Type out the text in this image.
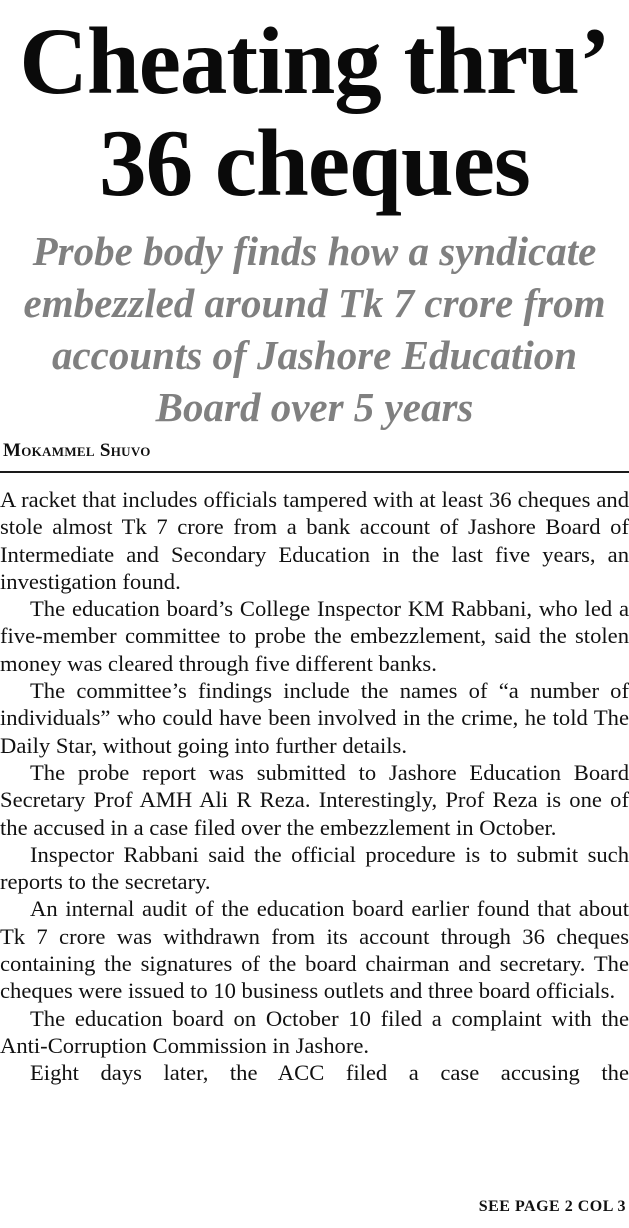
Cheating thru’
36 cheques
Probe body finds how a syndicate
embezzled around Tk 7 crore from
accounts of Jashore Education
Board over 5 years
Mokammel Shuvo

A racket that includes officials tampered with at least 36 cheques and stole almost Tk 7 crore from a bank account of Jashore Board of Intermediate and Secondary Education in the last five years, an investigation found.

The education board’s College Inspector KM Rabbani, who led a five-member committee to probe the embezzlement, said the stolen money was cleared through five different banks.

The committee’s findings include the names of “a number of individuals” who could have been involved in the crime, he told The Daily Star, without going into further details.

The probe report was submitted to Jashore Education Board Secretary Prof AMH Ali R Reza. Interestingly, Prof Reza is one of the accused in a case filed over the embezzlement in October.

Inspector Rabbani said the official procedure is to submit such reports to the secretary.

An internal audit of the education board earlier found that about Tk 7 crore was withdrawn from its account through 36 cheques containing the signatures of the board chairman and secretary. The cheques were issued to 10 business outlets and three board officials.

The education board on October 10 filed a complaint with the Anti-Corruption Commission in Jashore.

Eight days later, the ACC filed a case accusing the

SEE PAGE 2 COL 3
